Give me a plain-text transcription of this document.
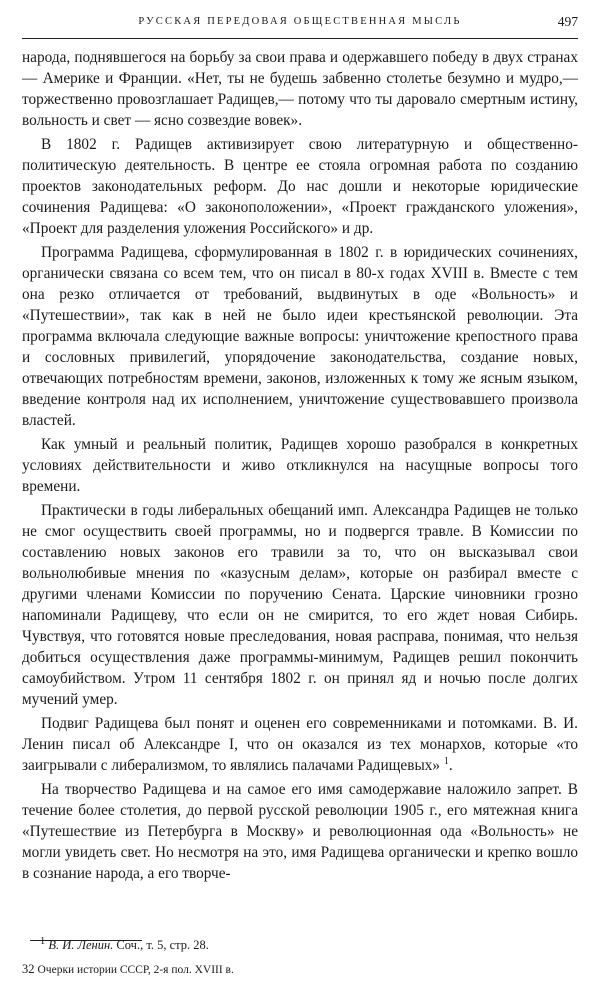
РУССКАЯ ПЕРЕДОВАЯ ОБЩЕСТВЕННАЯ МЫСЛЬ	497

народа, поднявшегося на борьбу за свои права и одержавшего победу в двух странах — Америке и Франции. «Нет, ты не будешь забвенно столетье безумно и мудро,— торжественно провозглашает Радищев,— потому что ты даровало смертным истину, вольность и свет — ясно созвездие вовек».

В 1802 г. Радищев активизирует свою литературную и общественно-политическую деятельность. В центре ее стояла огромная работа по созданию проектов законодательных реформ. До нас дошли и некоторые юридические сочинения Радищева: «О законоположении», «Проект гражданского уложения», «Проект для разделения уложения Российского» и др.

Программа Радищева, сформулированная в 1802 г. в юридических сочинениях, органически связана со всем тем, что он писал в 80-х годах XVIII в. Вместе с тем она резко отличается от требований, выдвинутых в оде «Вольность» и «Путешествии», так как в ней не было идеи крестьянской революции. Эта программа включала следующие важные вопросы: уничтожение крепостного права и сословных привилегий, упорядочение законодательства, создание новых, отвечающих потребностям времени, законов, изложенных к тому же ясным языком, введение контроля над их исполнением, уничтожение существовавшего произвола властей.

Как умный и реальный политик, Радищев хорошо разобрался в конкретных условиях действительности и живо откликнулся на насущные вопросы того времени.

Практически в годы либеральных обещаний имп. Александра Радищев не только не смог осуществить своей программы, но и подвергся травле. В Комиссии по составлению новых законов его травили за то, что он высказывал свои вольнолюбивые мнения по «казусным делам», которые он разбирал вместе с другими членами Комиссии по поручению Сената. Царские чиновники грозно напоминали Радищеву, что если он не смирится, то его ждет новая Сибирь. Чувствуя, что готовятся новые преследования, новая расправа, понимая, что нельзя добиться осуществления даже программы-минимум, Радищев решил покончить самоубийством. Утром 11 сентября 1802 г. он принял яд и ночью после долгих мучений умер.

Подвиг Радищева был понят и оценен его современниками и потомками. В. И. Ленин писал об Александре I, что он оказался из тех монархов, которые «то заигрывали с либерализмом, то являлись палачами Радищевых» $^1$.

На творчество Радищева и на самое его имя самодержавие наложило запрет. В течение более столетия, до первой русской революции 1905 г., его мятежная книга «Путешествие из Петербурга в Москву» и революционная ода «Вольность» не могли увидеть свет. Но несмотря на это, имя Радищева органически и крепко вошло в сознание народа, а его творче-

$^1$ В. И. Ленин. Соч., т. 5, стр. 28.
32 Очерки истории СССР, 2-я пол. XVIII в.
